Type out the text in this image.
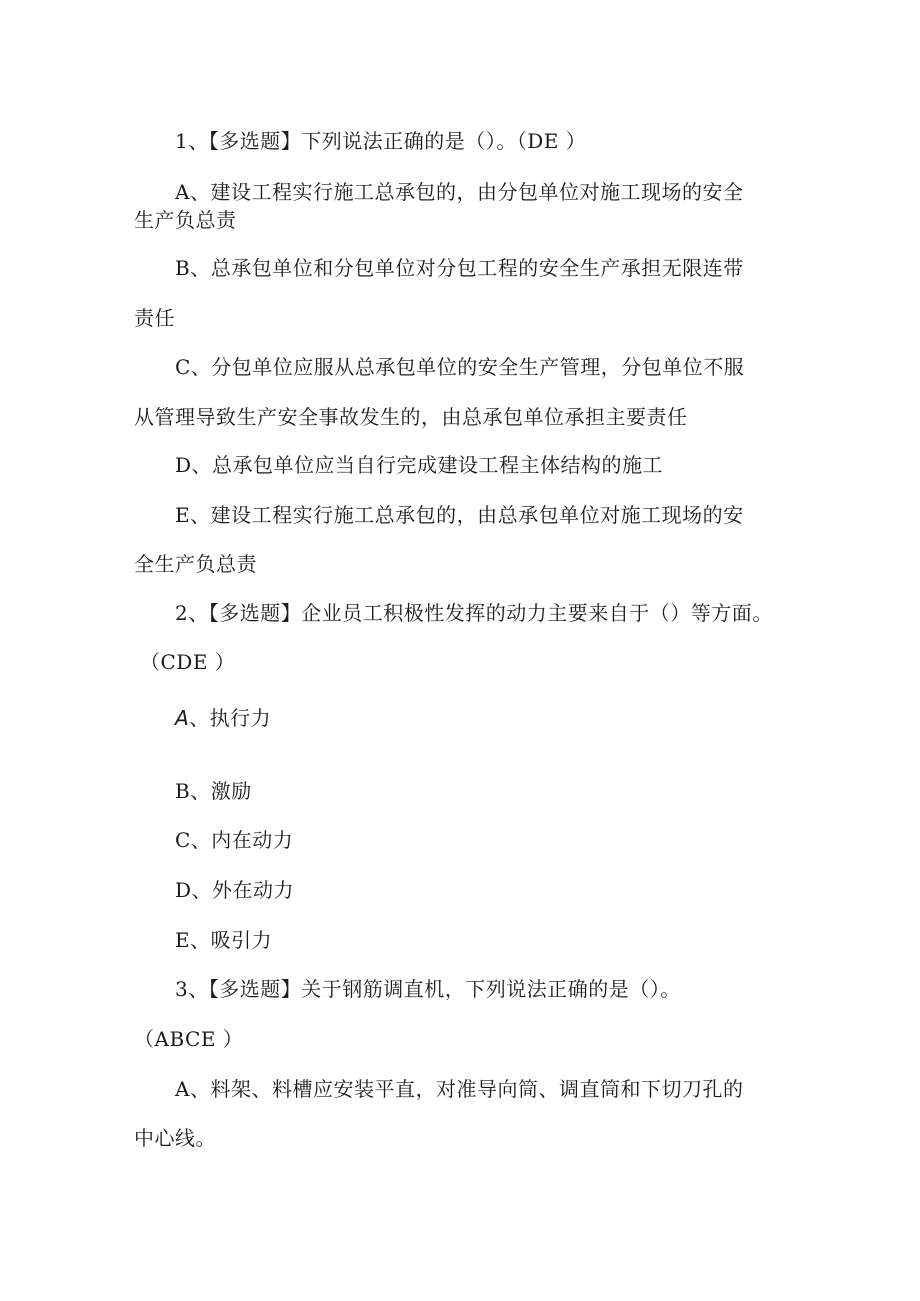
1、【多选题】下列说法正确的是（）。（DE ）
A、建设工程实行施工总承包的，由分包单位对施工现场的安全
生产负总责
B、总承包单位和分包单位对分包工程的安全生产承担无限连带
责任
C、分包单位应服从总承包单位的安全生产管理，分包单位不服
从管理导致生产安全事故发生的，由总承包单位承担主要责任
D、总承包单位应当自行完成建设工程主体结构的施工
E、建设工程实行施工总承包的，由总承包单位对施工现场的安
全生产负总责
2、【多选题】企业员工积极性发挥的动力主要来自于（）等方面。
（CDE ）
A、执行力
B、激励
C、内在动力
D、外在动力
E、吸引力
3、【多选题】关于钢筋调直机，下列说法正确的是（）。
（ABCE ）
A、料架、料槽应安装平直，对准导向筒、调直筒和下切刀孔的
中心线。
